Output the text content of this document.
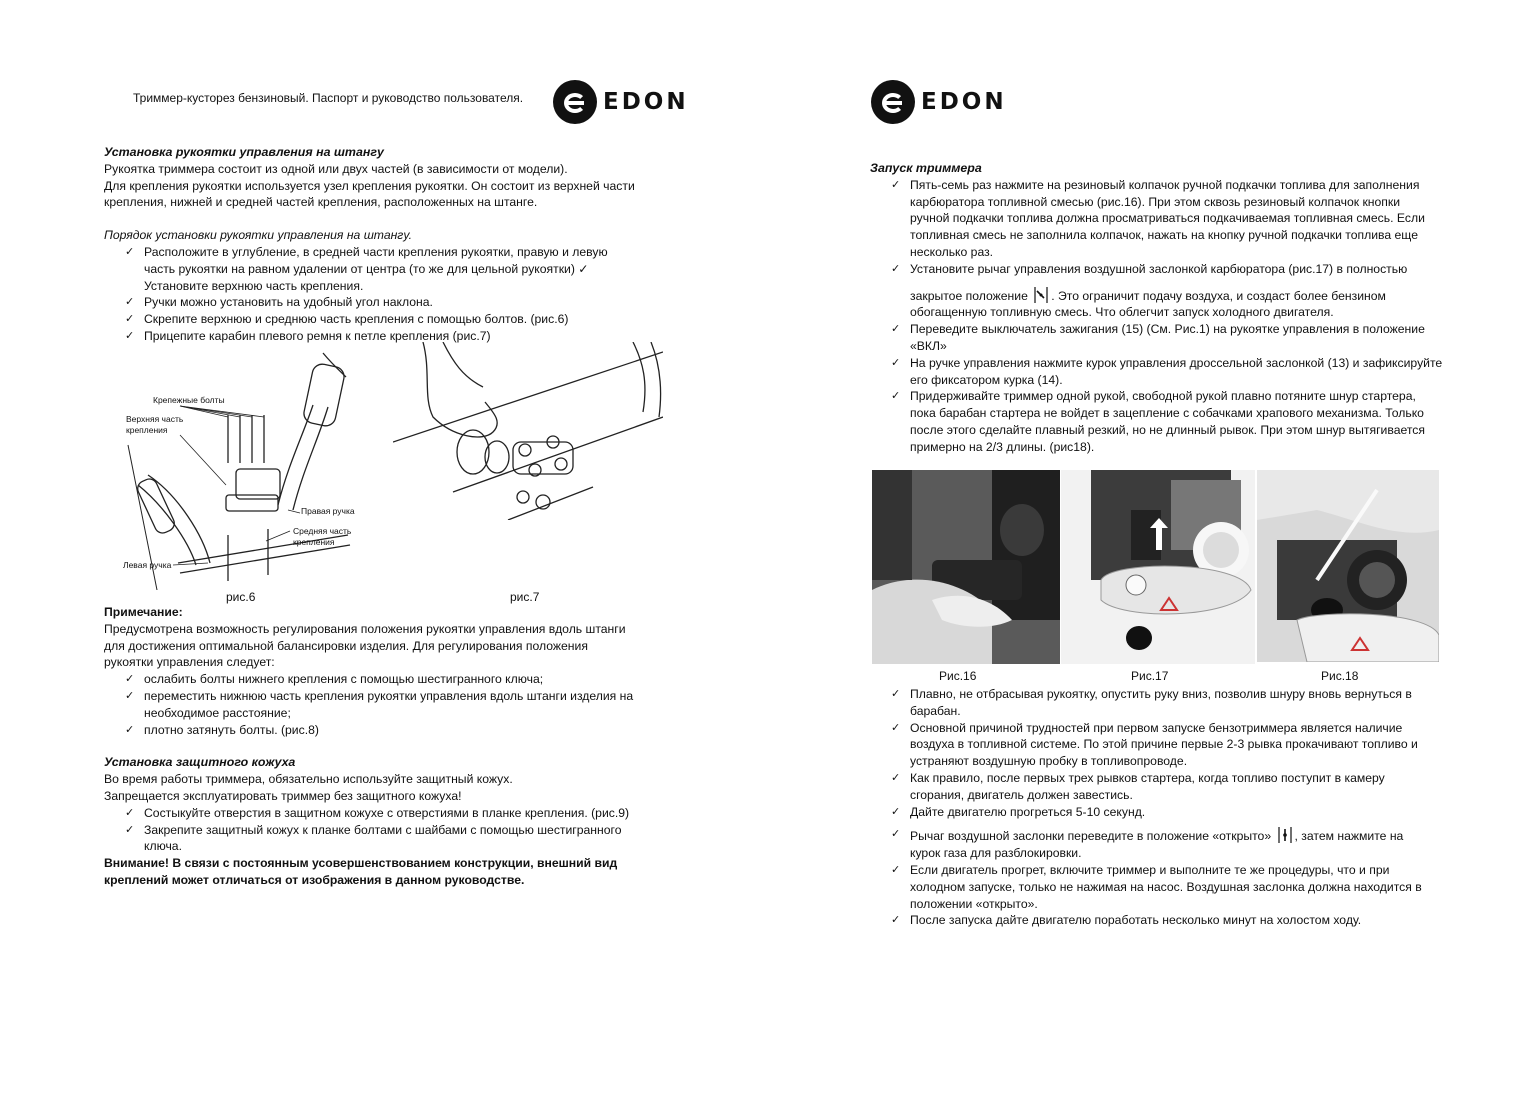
Триммер-кусторез бензиновый. Паспорт и руководство пользователя.	EDON
Установка рукоятки управления на штангу

Рукоятка триммера состоит из одной или двух частей (в зависимости от модели).

Для крепления рукоятки используется узел крепления рукоятки. Он состоит из верхней части

крепления, нижней и средней частей крепления, расположенных на штанге.

Порядок установки рукоятки управления на штангу.
✓ Расположите в углубление, в средней части крепления рукоятки, правую и левую часть рукоятки на равном удалении от центра (то же для цельной рукоятки) ✓ Установите верхнюю часть крепления.
✓ Ручки можно установить на удобный угол наклона.
✓ Скрепите верхнюю и среднюю часть крепления с помощью болтов. (рис.6)
✓ Прицепите карабин плевого ремня к петле крепления (рис.7)
Крепежные болты
Верхняя часть
крепления
Правая ручка
Средняя часть
крепления
Левая ручка
рис.6	рис.7
Примечание:

Предусмотрена возможность регулирования положения рукоятки управления вдоль штанги

для достижения оптимальной балансировки изделия. Для регулирования положения

рукоятки управления следует:

✓ ослабить болты нижнего крепления с помощью шестигранного ключа;
✓ переместить нижнюю часть крепления рукоятки управления вдоль штанги изделия на необходимое расстояние;
✓ плотно затянуть болты. (рис.8)
Установка защитного кожуха

Во время работы триммера, обязательно используйте защитный кожух.

Запрещается эксплуатировать триммер без защитного кожуха!

✓ Состыкуйте отверстия в защитном кожухе с отверстиями в планке крепления. (рис.9)
✓ Закрепите защитный кожух к планке болтами с шайбами с помощью шестигранного ключа.

Внимание! В связи с постоянным усовершенствованием конструкции, внешний вид

креплений может отличаться от изображения в данном руководстве.

EDON
Запуск триммера
✓ Пять-семь раз нажмите на резиновый колпачок ручной подкачки топлива для заполнения карбюратора топливной смесью (рис.16). При этом сквозь резиновый колпачок кнопки ручной подкачки топлива должна просматриваться подкачиваемая топливная смесь. Если топливная смесь не заполнила колпачок, нажать на кнопку ручной подкачки топлива еще несколько раз.
✓ Установите рычаг управления воздушной заслонкой карбюратора (рис.17) в полностью
закрытое положение . Это ограничит подачу воздуха, и создаст более бензином
обогащенную топливную смесь. Что облегчит запуск холодного двигателя.
✓ Переведите выключатель зажигания (15) (См. Рис.1) на рукоятке управления в положение «ВКЛ»
✓ На ручке управления нажмите курок управления дроссельной заслонкой (13) и зафиксируйте его фиксатором курка (14).
✓ Придерживайте триммер одной рукой, свободной рукой плавно потяните шнур стартера, пока барабан стартера не войдет в зацепление с собачками храпового механизма. Только после этого сделайте плавный резкий, но не длинный рывок. При этом шнур вытягивается примерно на 2/3 длины. (рис18).
Рис.16	Рис.17	Рис.18
✓ Плавно, не отбрасывая рукоятку, опустить руку вниз, позволив шнуру вновь вернуться в барабан.
✓ Основной причиной трудностей при первом запуске бензотриммера является наличие воздуха в топливной системе. По этой причине первые 2-3 рывка прокачивают топливо и устраняют воздушную пробку в топливопроводе.
✓ Как правило, после первых трех рывков стартера, когда топливо поступит в камеру сгорания, двигатель должен завестись.
✓ Дайте двигателю прогреться 5-10 секунд.
✓ Рычаг воздушной заслонки переведите в положение «открыто» , затем нажмите на
курок газа для разблокировки.
✓ Если двигатель прогрет, включите триммер и выполните те же процедуры, что и при холодном запуске, только не нажимая на насос. Воздушная заслонка должна находится в положении «открыто».
✓ После запуска дайте двигателю поработать несколько минут на холостом ходу.
